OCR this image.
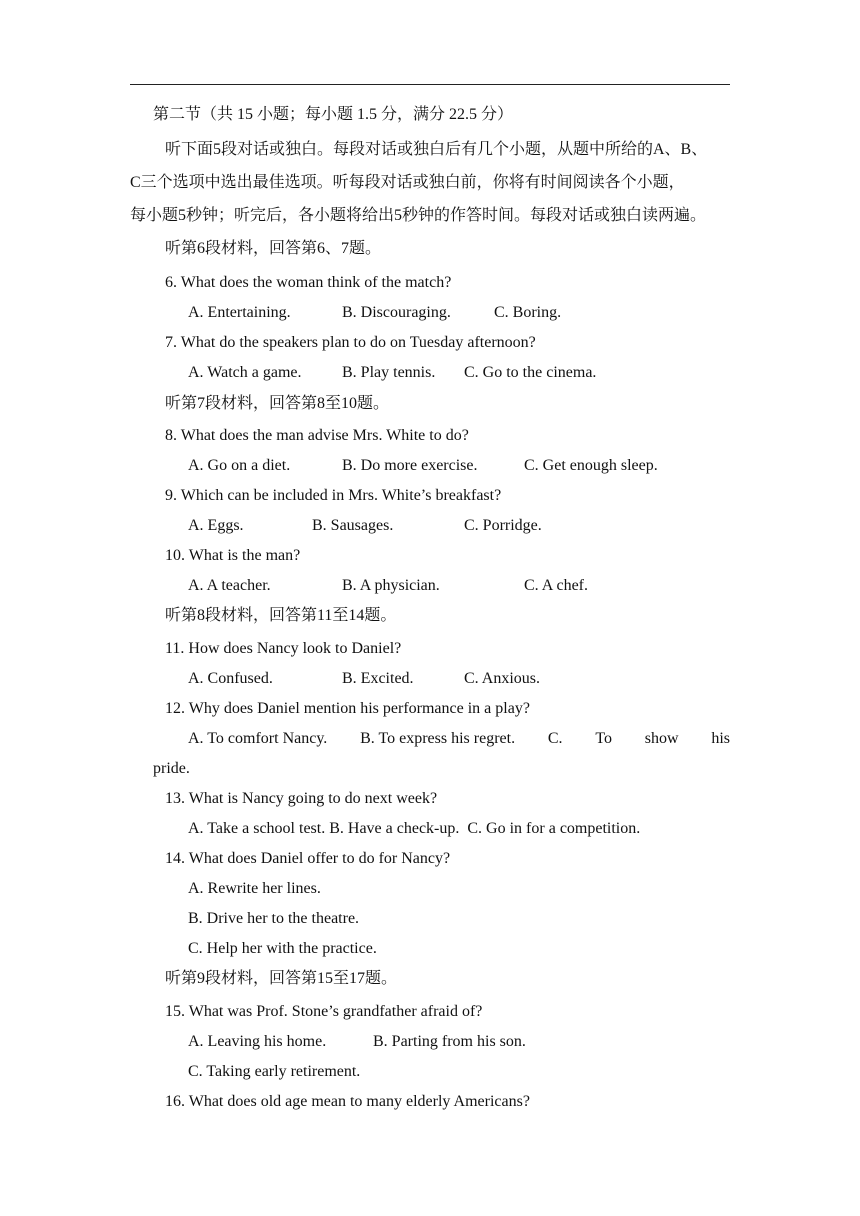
第二节（共 15 小题；每小题 1.5 分，满分 22.5 分）
听下面5段对话或独白。每段对话或独白后有几个小题，从题中所给的A、B、
C三个选项中选出最佳选项。听每段对话或独白前，你将有时间阅读各个小题，
每小题5秒钟；听完后，各小题将给出5秒钟的作答时间。每段对话或独白读两遍。
听第6段材料，回答第6、7题。
6. What does the woman think of the match?
A. Entertaining.	B. Discouraging.	C. Boring.
7. What do the speakers plan to do on Tuesday afternoon?
A. Watch a game.	B. Play tennis. C. Go to the cinema.
听第7段材料，回答第8至10题。
8. What does the man advise Mrs. White to do?
A. Go on a diet.	B. Do more exercise.	C. Get enough sleep.
9. Which can be included in Mrs. White’s breakfast?
A. Eggs.	B. Sausages.	C. Porridge.
10. What is the man?
A. A teacher.	B. A physician.	C. A chef.
听第8段材料，回答第11至14题。
11. How does Nancy look to Daniel?
A. Confused.	B. Excited.	C. Anxious.
12. Why does Daniel mention his performance in a play?
A. To comfort Nancy. B. To express his regret. C. To show his
pride.
13. What is Nancy going to do next week?
A. Take a school test. B. Have a check-up.  C. Go in for a competition.
14. What does Daniel offer to do for Nancy?
A. Rewrite her lines.
B. Drive her to the theatre.
C. Help her with the practice.
听第9段材料，回答第15至17题。
15. What was Prof. Stone’s grandfather afraid of?
A. Leaving his home.	B. Parting from his son.
C. Taking early retirement.
16. What does old age mean to many elderly Americans?
